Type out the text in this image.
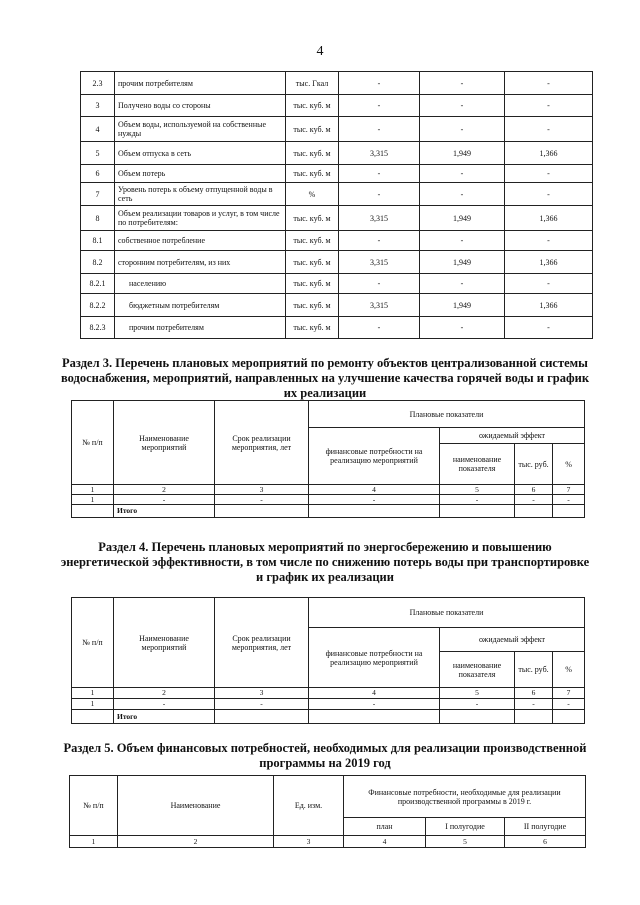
4
2.3	прочим потребителям	тыс. Гкал	-	-	-
3	Получено воды со стороны	тыс. куб. м	-	-	-
4	Объем воды, используемой на собственные нужды	тыс. куб. м	-	-	-
5	Объем отпуска в сеть	тыс. куб. м	3,315	1,949	1,366
6	Объем потерь	тыс. куб. м	-	-	-
7	Уровень потерь к объему отпущенной воды в сеть	%	-	-	-
8	Объем реализации товаров и услуг, в том числе по потребителям:	тыс. куб. м	3,315	1,949	1,366
8.1	собственное потребление	тыс. куб. м	-	-	-
8.2	сторонним потребителям, из них	тыс. куб. м	3,315	1,949	1,366
8.2.1	населению	тыс. куб. м	-	-	-
8.2.2	бюджетным потребителям	тыс. куб. м	3,315	1,949	1,366
8.2.3	прочим потребителям	тыс. куб. м	-	-	-
Раздел 3. Перечень плановых мероприятий по ремонту объектов централизованной системы водоснабжения, мероприятий, направленных на улучшение качества горячей воды и график их реализации
№ п/п	Наименование мероприятий	Срок реализации мероприятия, лет	Плановые показатели			
			финансовые потребности на реализацию мероприятий	ожидаемый эффект		
				наименование показателя	тыс. руб.	%
1	2	3	4	5	6	7
1	-	-	-	-	-	-
	Итого					
Раздел 4. Перечень плановых мероприятий по энергосбережению и повышению энергетической эффективности, в том числе по снижению потерь воды при транспортировке и график их реализации
№ п/п	Наименование мероприятий	Срок реализации мероприятия, лет	Плановые показатели			
			финансовые потребности на реализацию мероприятий	ожидаемый эффект		
				наименование показателя	тыс. руб.	%
1	2	3	4	5	6	7
1	-	-	-	-	-	-
	Итого					
Раздел 5. Объем финансовых потребностей, необходимых для реализации производственной программы на 2019 год
№ п/п	Наименование	Ед. изм.	Финансовые потребности, необходимые для реализации производственной программы в 2019 г.		
			план	I полугодие	II полугодие
1	2	3	4	5	6
